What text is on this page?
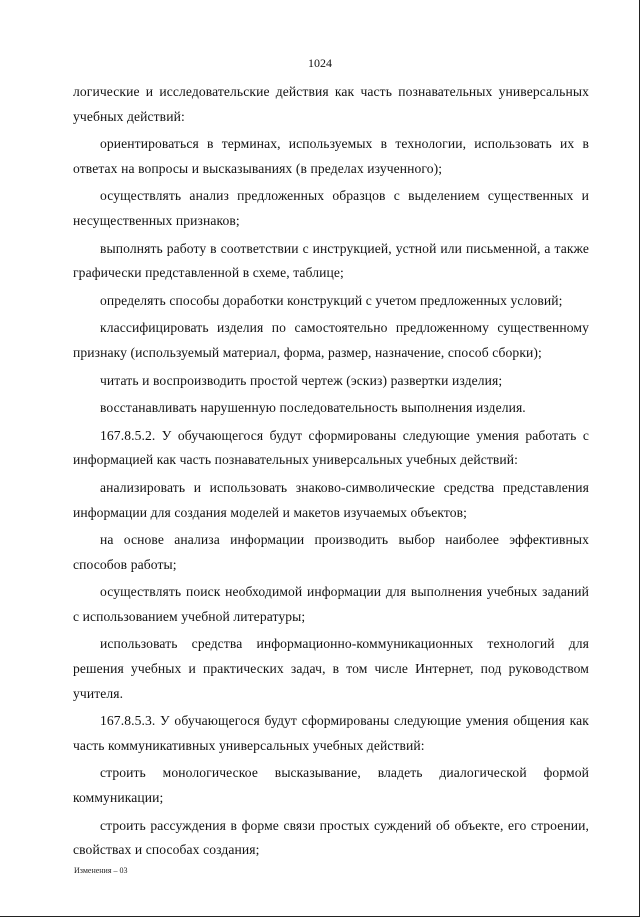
1024

логические и исследовательские действия как часть познавательных универсальных учебных действий:

ориентироваться в терминах, используемых в технологии, использовать их в ответах на вопросы и высказываниях (в пределах изученного);

осуществлять анализ предложенных образцов с выделением существенных и несущественных признаков;

выполнять работу в соответствии с инструкцией, устной или письменной, а также графически представленной в схеме, таблице;

определять способы доработки конструкций с учетом предложенных условий;

классифицировать изделия по самостоятельно предложенному существенному признаку (используемый материал, форма, размер, назначение, способ сборки);

читать и воспроизводить простой чертеж (эскиз) развертки изделия;

восстанавливать нарушенную последовательность выполнения изделия.

167.8.5.2. У обучающегося будут сформированы следующие умения работать с информацией как часть познавательных универсальных учебных действий:

анализировать и использовать знаково-символические средства представления информации для создания моделей и макетов изучаемых объектов;

на основе анализа информации производить выбор наиболее эффективных способов работы;

осуществлять поиск необходимой информации для выполнения учебных заданий с использованием учебной литературы;

использовать средства информационно-коммуникационных технологий для решения учебных и практических задач, в том числе Интернет, под руководством учителя.

167.8.5.3. У обучающегося будут сформированы следующие умения общения как часть коммуникативных универсальных учебных действий:

строить монологическое высказывание, владеть диалогической формой коммуникации;

строить рассуждения в форме связи простых суждений об объекте, его строении, свойствах и способах создания;

Изменения – 03
